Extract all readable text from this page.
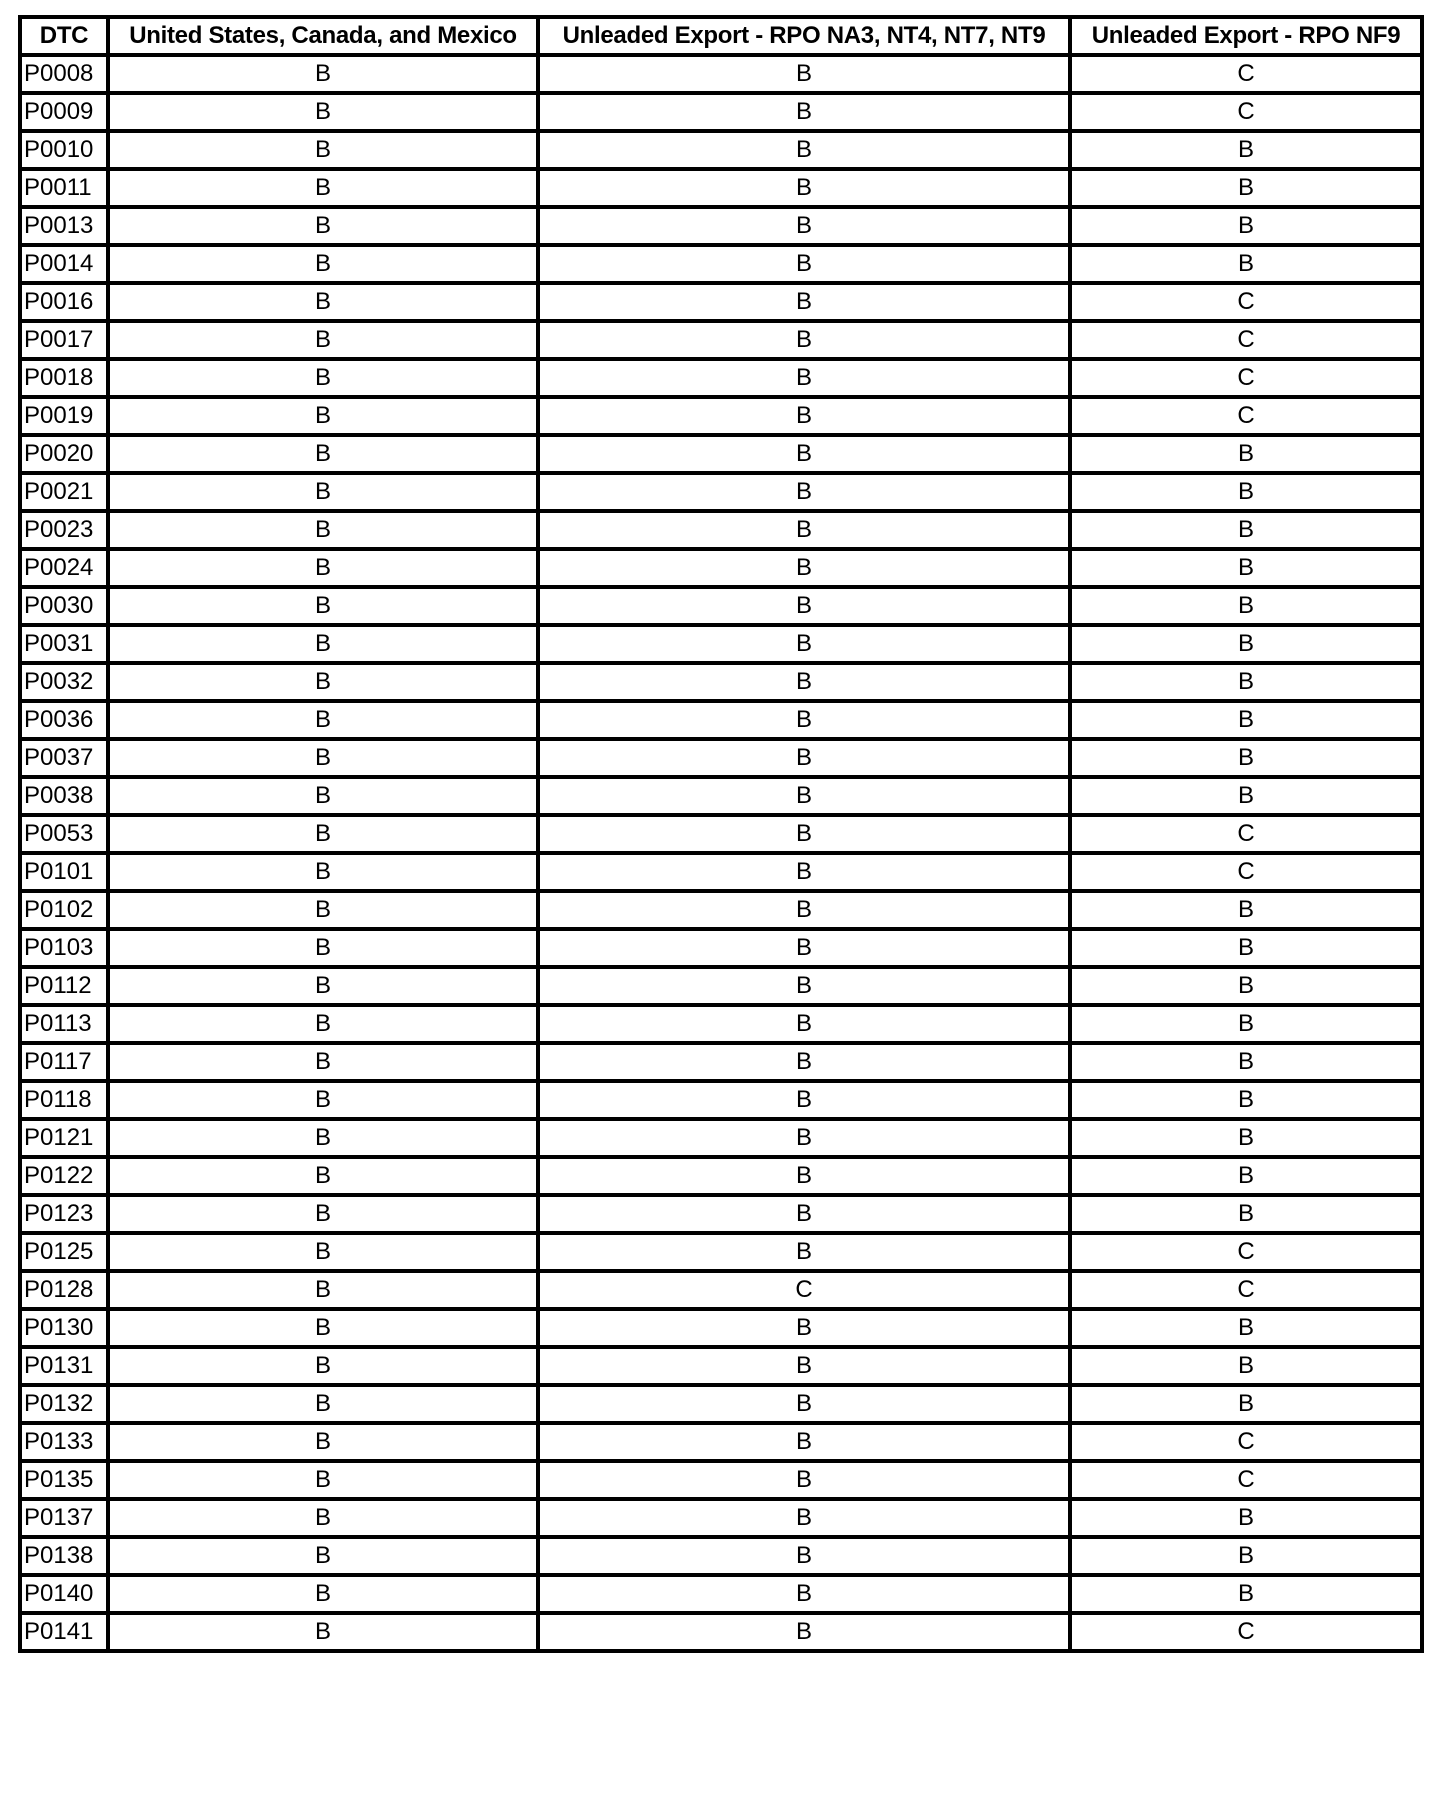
DTC	United States, Canada, and Mexico	Unleaded Export - RPO NA3, NT4, NT7, NT9	Unleaded Export - RPO NF9
P0008	B	B	C
P0009	B	B	C
P0010	B	B	B
P0011	B	B	B
P0013	B	B	B
P0014	B	B	B
P0016	B	B	C
P0017	B	B	C
P0018	B	B	C
P0019	B	B	C
P0020	B	B	B
P0021	B	B	B
P0023	B	B	B
P0024	B	B	B
P0030	B	B	B
P0031	B	B	B
P0032	B	B	B
P0036	B	B	B
P0037	B	B	B
P0038	B	B	B
P0053	B	B	C
P0101	B	B	C
P0102	B	B	B
P0103	B	B	B
P0112	B	B	B
P0113	B	B	B
P0117	B	B	B
P0118	B	B	B
P0121	B	B	B
P0122	B	B	B
P0123	B	B	B
P0125	B	B	C
P0128	B	C	C
P0130	B	B	B
P0131	B	B	B
P0132	B	B	B
P0133	B	B	C
P0135	B	B	C
P0137	B	B	B
P0138	B	B	B
P0140	B	B	B
P0141	B	B	C
